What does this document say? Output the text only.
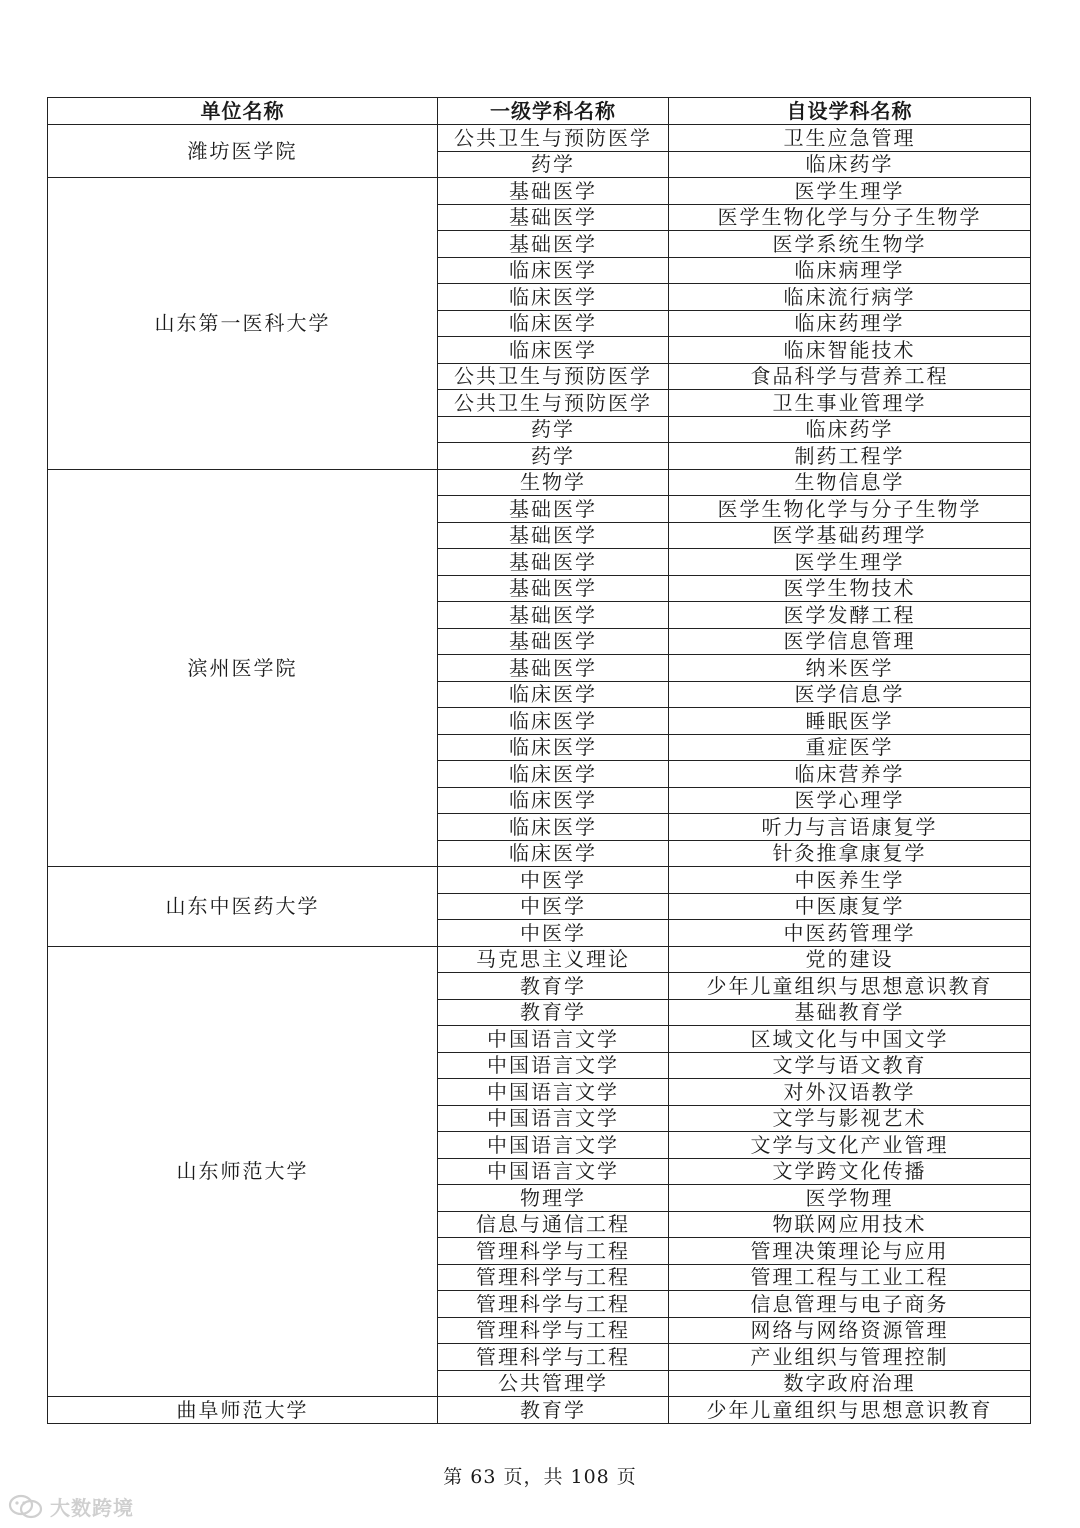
单位名称	一级学科名称	自设学科名称
潍坊医学院	公共卫生与预防医学	卫生应急管理
	药学	临床药学
山东第一医科大学	基础医学	医学生理学
	基础医学	医学生物化学与分子生物学
	基础医学	医学系统生物学
	临床医学	临床病理学
	临床医学	临床流行病学
	临床医学	临床药理学
	临床医学	临床智能技术
	公共卫生与预防医学	食品科学与营养工程
	公共卫生与预防医学	卫生事业管理学
	药学	临床药学
	药学	制药工程学
滨州医学院	生物学	生物信息学
	基础医学	医学生物化学与分子生物学
	基础医学	医学基础药理学
	基础医学	医学生理学
	基础医学	医学生物技术
	基础医学	医学发酵工程
	基础医学	医学信息管理
	基础医学	纳米医学
	临床医学	医学信息学
	临床医学	睡眠医学
	临床医学	重症医学
	临床医学	临床营养学
	临床医学	医学心理学
	临床医学	听力与言语康复学
	临床医学	针灸推拿康复学
山东中医药大学	中医学	中医养生学
	中医学	中医康复学
	中医学	中医药管理学
山东师范大学	马克思主义理论	党的建设
	教育学	少年儿童组织与思想意识教育
	教育学	基础教育学
	中国语言文学	区域文化与中国文学
	中国语言文学	文学与语文教育
	中国语言文学	对外汉语教学
	中国语言文学	文学与影视艺术
	中国语言文学	文学与文化产业管理
	中国语言文学	文学跨文化传播
	物理学	医学物理
	信息与通信工程	物联网应用技术
	管理科学与工程	管理决策理论与应用
	管理科学与工程	管理工程与工业工程
	管理科学与工程	信息管理与电子商务
	管理科学与工程	网络与网络资源管理
	管理科学与工程	产业组织与管理控制
	公共管理学	数字政府治理
曲阜师范大学	教育学	少年儿童组织与思想意识教育
第 63 页，共 108 页
大数跨境
